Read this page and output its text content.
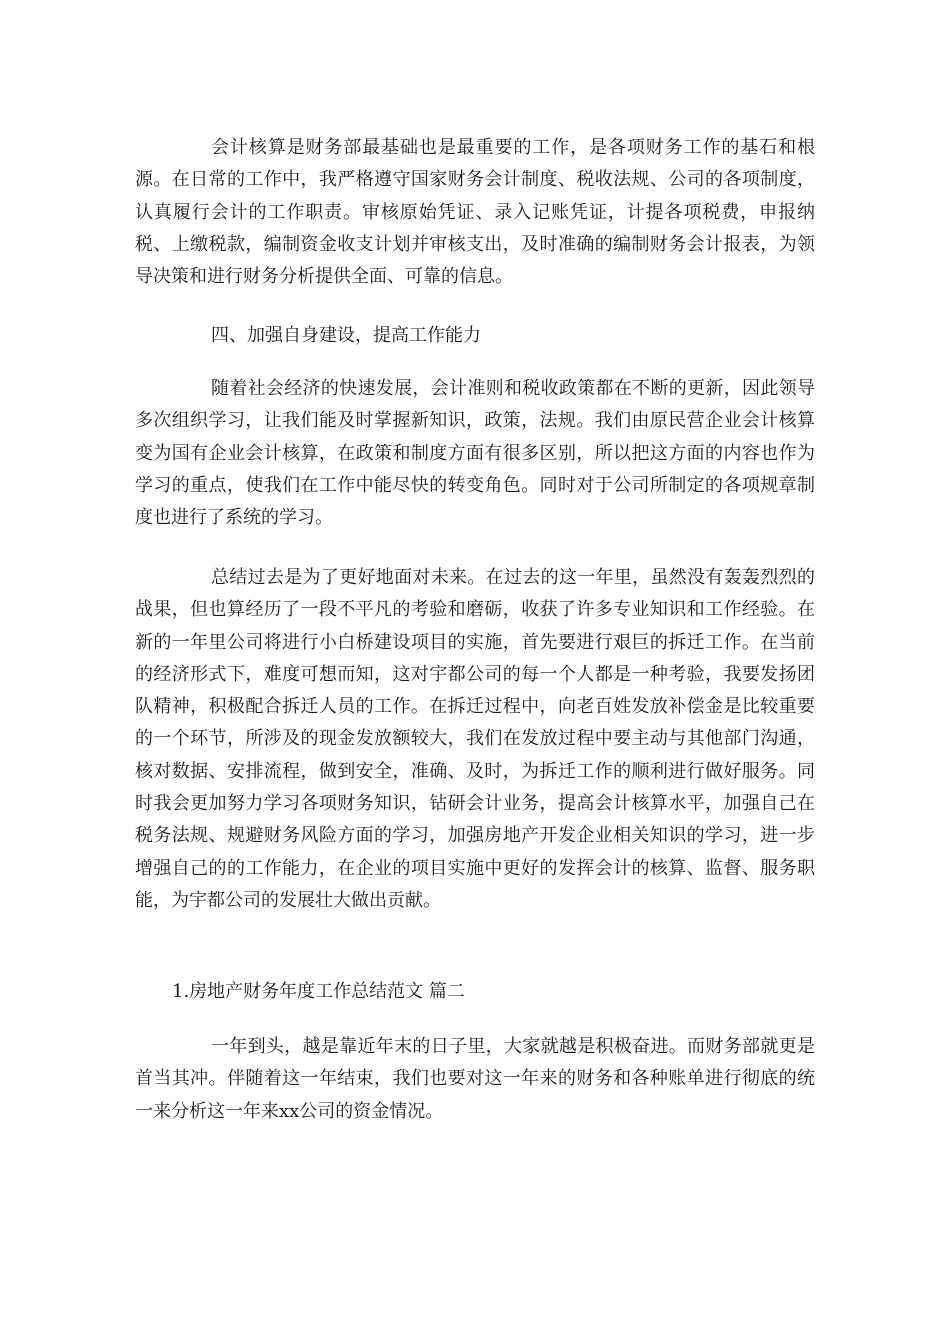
会计核算是财务部最基础也是最重要的工作，是各项财务工作的基石和根源。在日常的工作中，我严格遵守国家财务会计制度、税收法规、公司的各项制度，认真履行会计的工作职责。审核原始凭证、录入记账凭证，计提各项税费，申报纳税、上缴税款，编制资金收支计划并审核支出，及时准确的编制财务会计报表，为领导决策和进行财务分析提供全面、可靠的信息。

四、加强自身建设，提高工作能力

随着社会经济的快速发展，会计准则和税收政策都在不断的更新，因此领导多次组织学习，让我们能及时掌握新知识，政策，法规。我们由原民营企业会计核算变为国有企业会计核算，在政策和制度方面有很多区别，所以把这方面的内容也作为学习的重点，使我们在工作中能尽快的转变角色。同时对于公司所制定的各项规章制度也进行了系统的学习。

总结过去是为了更好地面对未来。在过去的这一年里，虽然没有轰轰烈烈的战果，但也算经历了一段不平凡的考验和磨砺，收获了许多专业知识和工作经验。在新的一年里公司将进行小白桥建设项目的实施，首先要进行艰巨的拆迁工作。在当前的经济形式下，难度可想而知，这对宇都公司的每一个人都是一种考验，我要发扬团队精神，积极配合拆迁人员的工作。在拆迁过程中，向老百姓发放补偿金是比较重要的一个环节，所涉及的现金发放额较大，我们在发放过程中要主动与其他部门沟通，核对数据、安排流程，做到安全，准确、及时，为拆迁工作的顺利进行做好服务。同时我会更加努力学习各项财务知识，钻研会计业务，提高会计核算水平，加强自己在税务法规、规避财务风险方面的学习，加强房地产开发企业相关知识的学习，进一步增强自己的的工作能力，在企业的项目实施中更好的发挥会计的核算、监督、服务职能，为宇都公司的发展壮大做出贡献。

1.房地产财务年度工作总结范文 篇二

一年到头，越是靠近年末的日子里，大家就越是积极奋进。而财务部就更是首当其冲。伴随着这一年结束，我们也要对这一年来的财务和各种账单进行彻底的统一来分析这一年来xx公司的资金情况。
